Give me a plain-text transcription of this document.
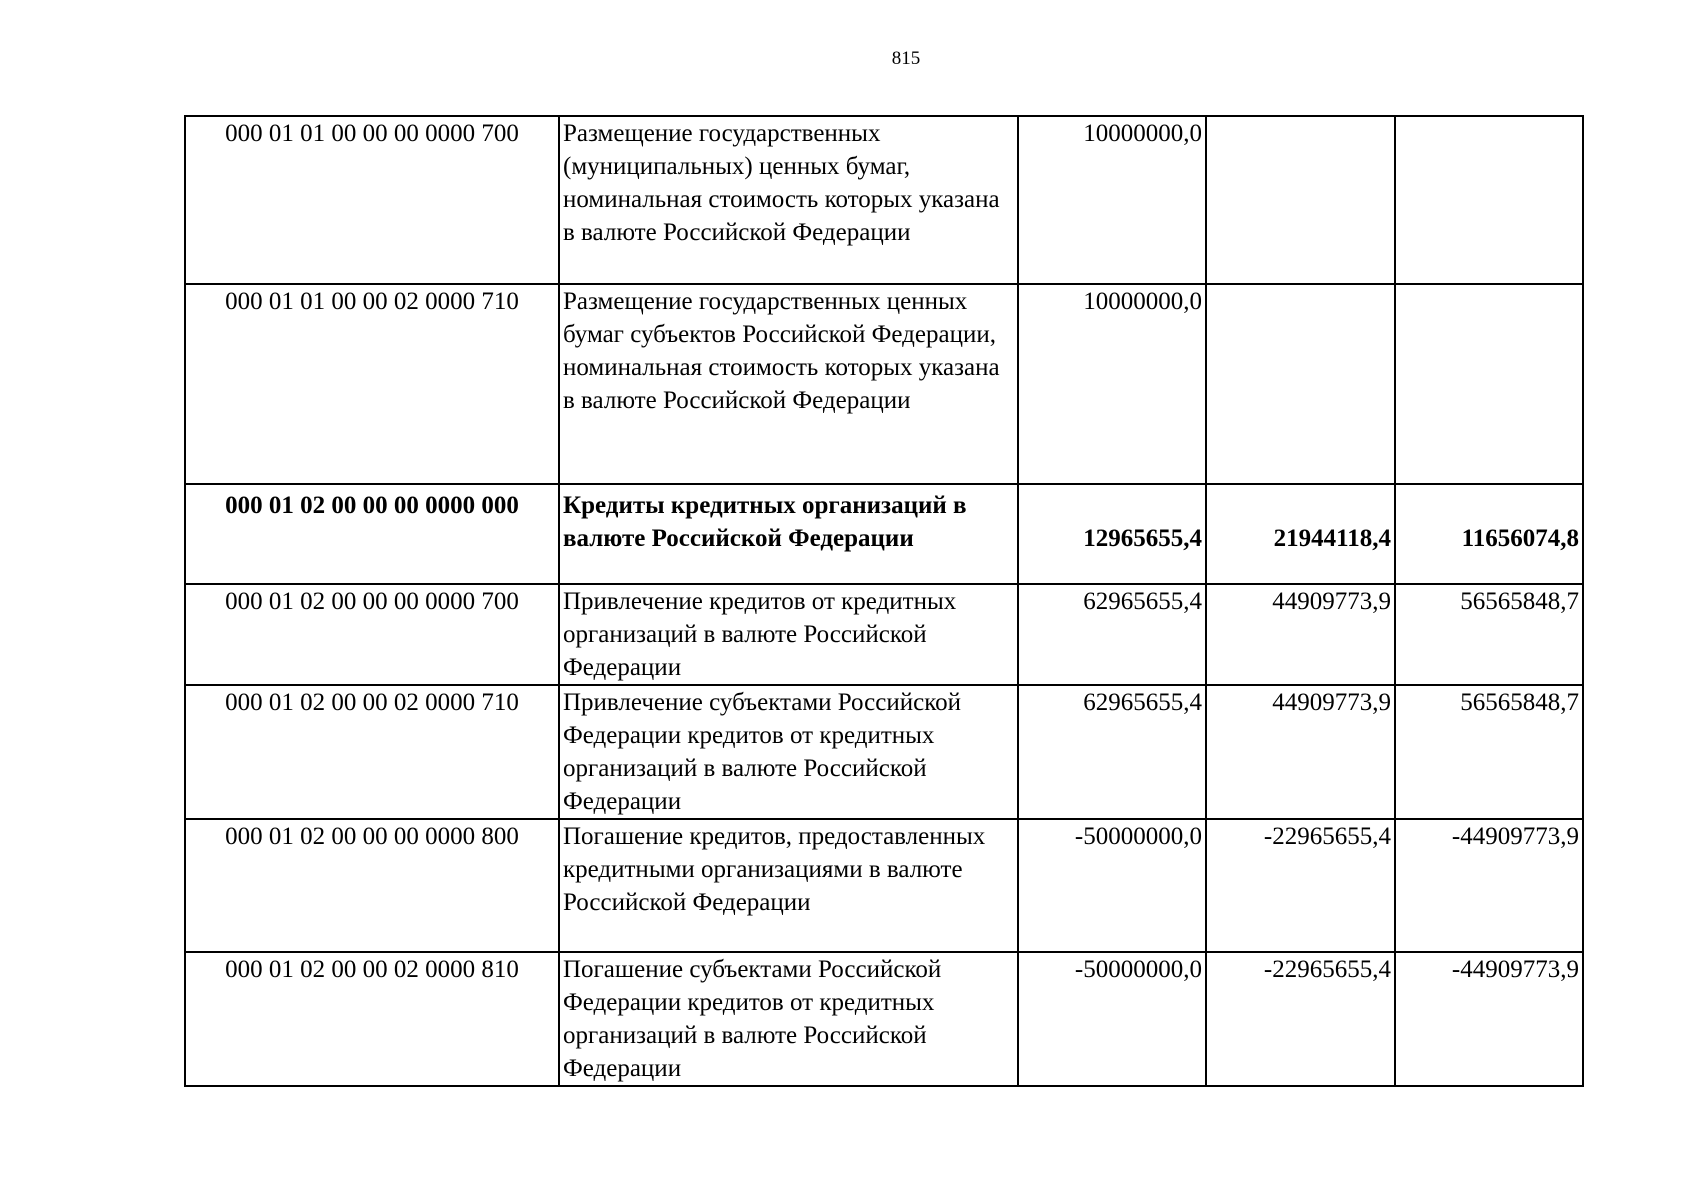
815
000 01 01 00 00 00 0000 700	Размещение государственных (муниципальных) ценных бумаг, номинальная стоимость которых указана в валюте Российской Федерации	10000000,0		
000 01 01 00 00 02 0000 710	Размещение государственных ценных бумаг субъектов Российской Федерации, номинальная стоимость которых указана в валюте Российской Федерации	10000000,0		
000 01 02 00 00 00 0000 000	Кредиты кредитных организаций в валюте Российской Федерации	12965655,4	21944118,4	11656074,8
000 01 02 00 00 00 0000 700	Привлечение кредитов от кредитных организаций в валюте Российской Федерации	62965655,4	44909773,9	56565848,7
000 01 02 00 00 02 0000 710	Привлечение субъектами Российской Федерации кредитов от кредитных организаций в валюте Российской Федерации	62965655,4	44909773,9	56565848,7
000 01 02 00 00 00 0000 800	Погашение кредитов, предоставленных кредитными организациями в валюте Российской Федерации	-50000000,0	-22965655,4	-44909773,9
000 01 02 00 00 02 0000 810	Погашение субъектами Российской Федерации кредитов от кредитных организаций в валюте Российской Федерации	-50000000,0	-22965655,4	-44909773,9
